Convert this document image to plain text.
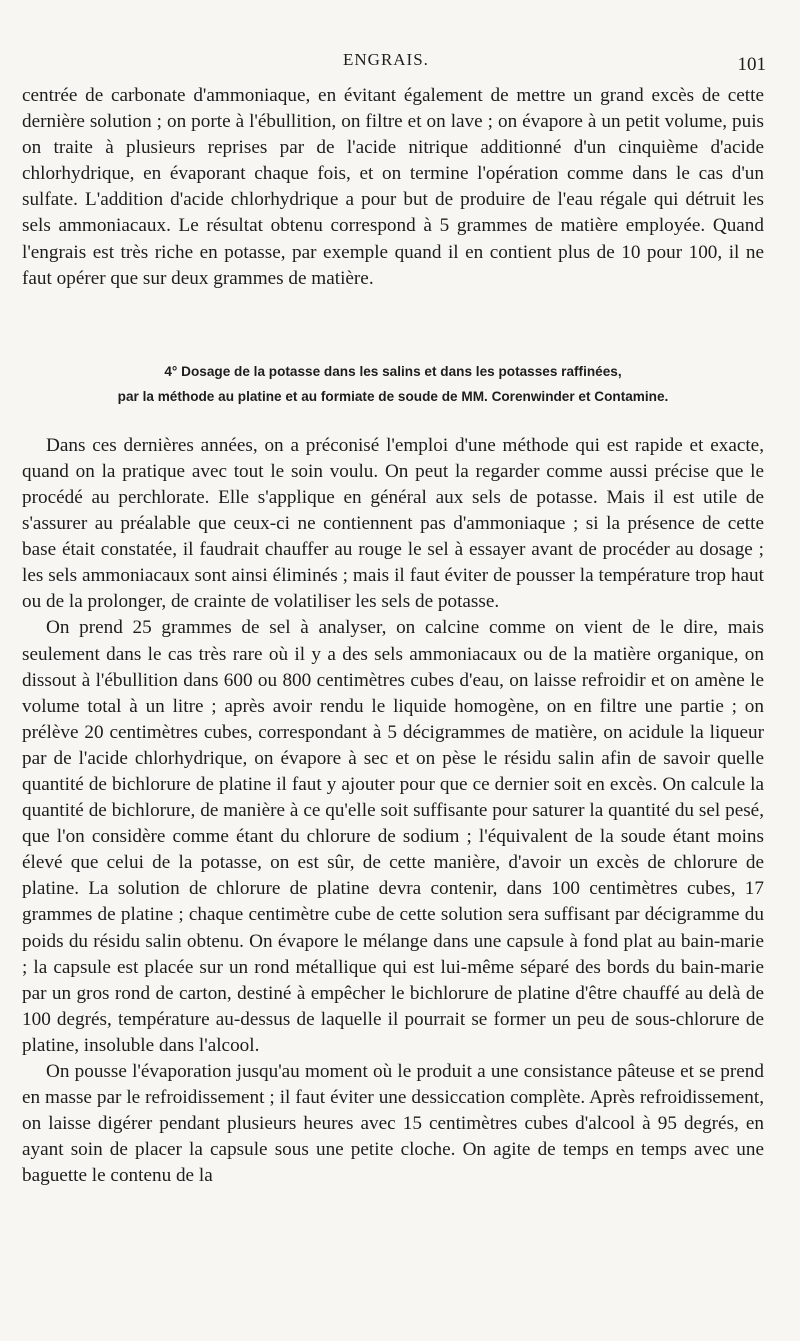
ENGRAIS.	101

centrée de carbonate d'ammoniaque, en évitant également de mettre un grand excès de cette dernière solution ; on porte à l'ébullition, on filtre et on lave ; on évapore à un petit volume, puis on traite à plusieurs reprises par de l'acide nitrique additionné d'un cinquième d'acide chlorhydrique, en évaporant chaque fois, et on termine l'opération comme dans le cas d'un sulfate. L'addition d'acide chlorhydrique a pour but de produire de l'eau régale qui détruit les sels ammoniacaux. Le résultat obtenu correspond à 5 grammes de matière employée. Quand l'engrais est très riche en potasse, par exemple quand il en contient plus de 10 pour 100, il ne faut opérer que sur deux grammes de matière.

4° Dosage de la potasse dans les salins et dans les potasses raffinées,
par la méthode au platine et au formiate de soude de MM. Corenwinder et Contamine.

Dans ces dernières années, on a préconisé l'emploi d'une méthode qui est rapide et exacte, quand on la pratique avec tout le soin voulu. On peut la regarder comme aussi précise que le procédé au perchlorate. Elle s'applique en général aux sels de potasse. Mais il est utile de s'assurer au préalable que ceux-ci ne contiennent pas d'ammoniaque ; si la présence de cette base était constatée, il faudrait chauffer au rouge le sel à essayer avant de procéder au dosage ; les sels ammoniacaux sont ainsi éliminés ; mais il faut éviter de pousser la température trop haut ou de la prolonger, de crainte de volatiliser les sels de potasse.

On prend 25 grammes de sel à analyser, on calcine comme on vient de le dire, mais seulement dans le cas très rare où il y a des sels ammoniacaux ou de la matière organique, on dissout à l'ébullition dans 600 ou 800 centimètres cubes d'eau, on laisse refroidir et on amène le volume total à un litre ; après avoir rendu le liquide homogène, on en filtre une partie ; on prélève 20 centimètres cubes, correspondant à 5 décigrammes de matière, on acidule la liqueur par de l'acide chlorhydrique, on évapore à sec et on pèse le résidu salin afin de savoir quelle quantité de bichlorure de platine il faut y ajouter pour que ce dernier soit en excès. On calcule la quantité de bichlorure, de manière à ce qu'elle soit suffisante pour saturer la quantité du sel pesé, que l'on considère comme étant du chlorure de sodium ; l'équivalent de la soude étant moins élevé que celui de la potasse, on est sûr, de cette manière, d'avoir un excès de chlorure de platine. La solution de chlorure de platine devra contenir, dans 100 centimètres cubes, 17 grammes de platine ; chaque centimètre cube de cette solution sera suffisant par décigramme du poids du résidu salin obtenu. On évapore le mélange dans une capsule à fond plat au bain-marie ; la capsule est placée sur un rond métallique qui est lui-même séparé des bords du bain-marie par un gros rond de carton, destiné à empêcher le bichlorure de platine d'être chauffé au delà de 100 degrés, température au-dessus de laquelle il pourrait se former un peu de sous-chlorure de platine, insoluble dans l'alcool.

On pousse l'évaporation jusqu'au moment où le produit a une consistance pâteuse et se prend en masse par le refroidissement ; il faut éviter une dessiccation complète. Après refroidissement, on laisse digérer pendant plusieurs heures avec 15 centimètres cubes d'alcool à 95 degrés, en ayant soin de placer la capsule sous une petite cloche. On agite de temps en temps avec une baguette le contenu de la
